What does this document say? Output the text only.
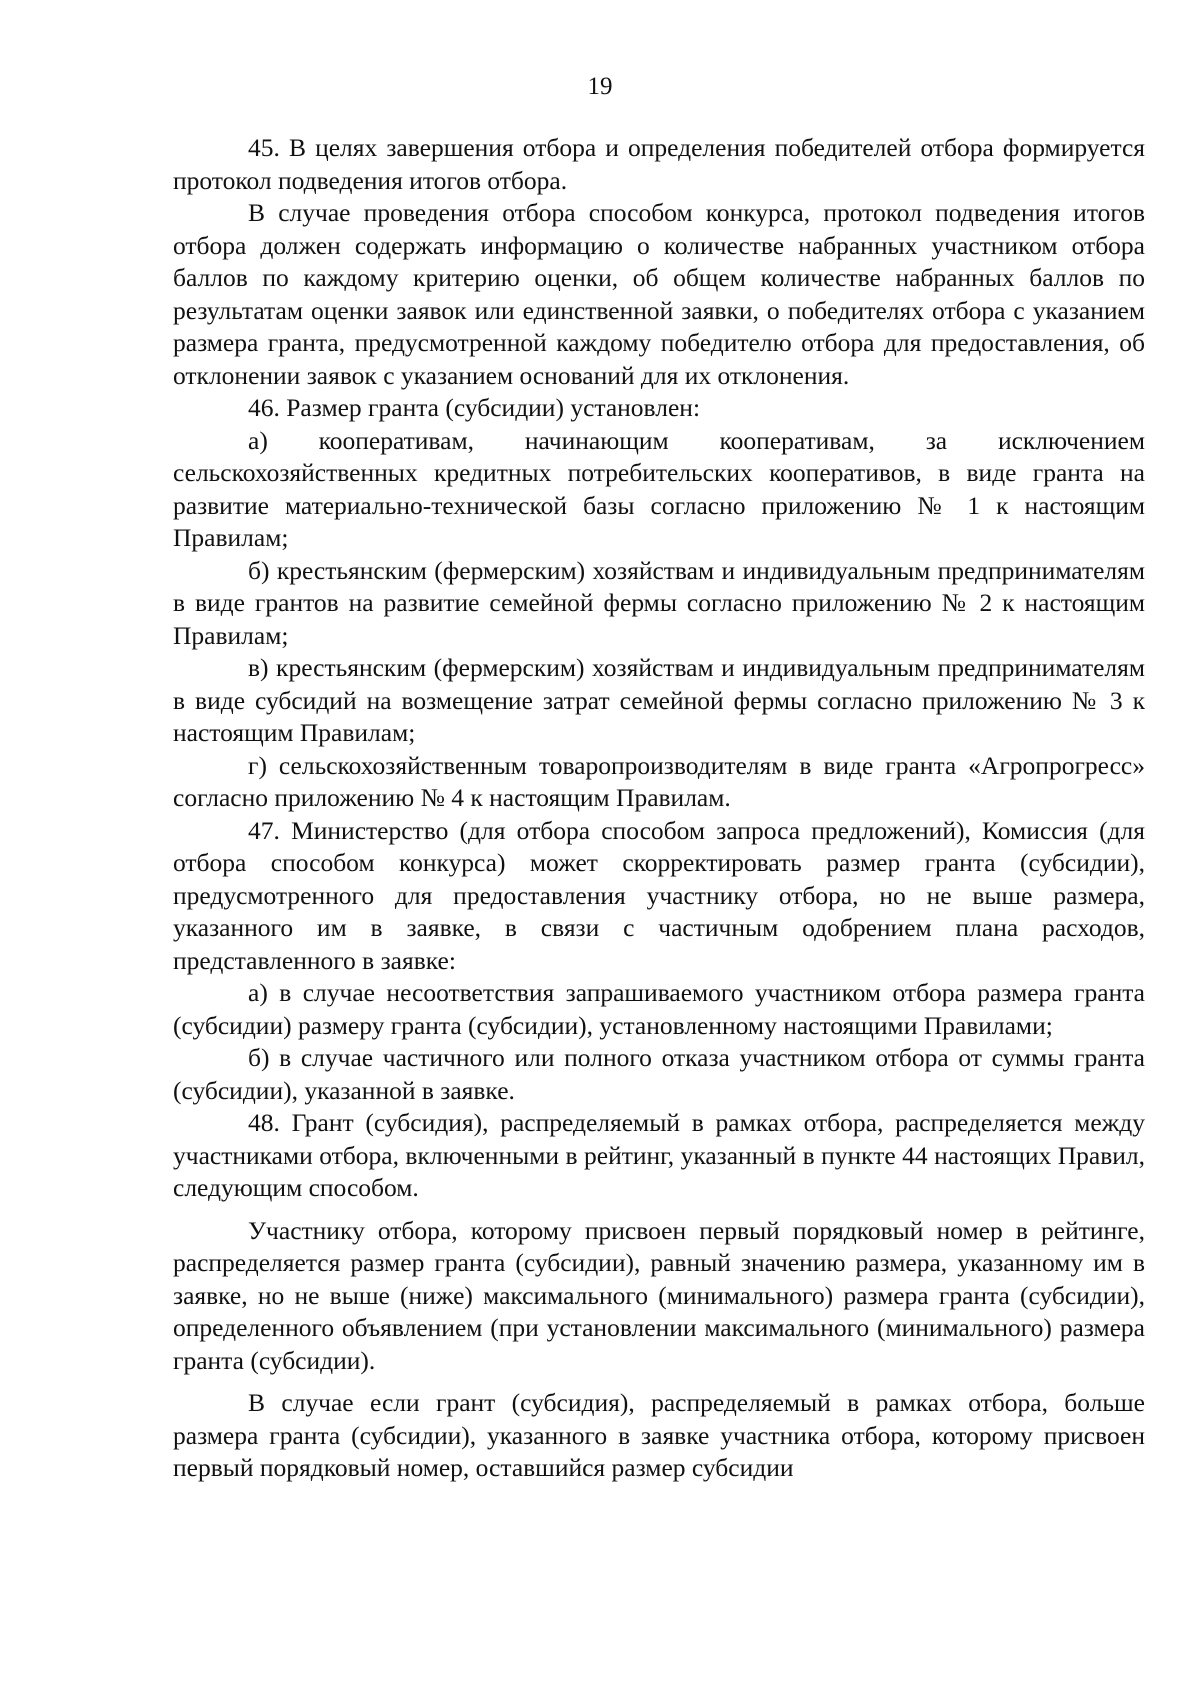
19

45. В целях завершения отбора и определения победителей отбора формируется протокол подведения итогов отбора.

В случае проведения отбора способом конкурса, протокол подведения итогов отбора должен содержать информацию о количестве набранных участником отбора баллов по каждому критерию оценки, об общем количестве набранных баллов по результатам оценки заявок или единственной заявки, о победителях отбора с указанием размера гранта, предусмотренной каждому победителю отбора для предоставления, об отклонении заявок с указанием оснований для их отклонения.

46. Размер гранта (субсидии) установлен:

а) кооперативам, начинающим кооперативам, за исключением сельскохозяйственных кредитных потребительских кооперативов, в виде гранта на развитие материально-технической базы согласно приложению № 1 к настоящим Правилам;

б) крестьянским (фермерским) хозяйствам и индивидуальным предпринимателям в виде грантов на развитие семейной фермы согласно приложению № 2 к настоящим Правилам;

в) крестьянским (фермерским) хозяйствам и индивидуальным предпринимателям в виде субсидий на возмещение затрат семейной фермы согласно приложению № 3 к настоящим Правилам;

г) сельскохозяйственным товаропроизводителям в виде гранта «Агропрогресс» согласно приложению № 4 к настоящим Правилам.

47. Министерство (для отбора способом запроса предложений), Комиссия (для отбора способом конкурса) может скорректировать размер гранта (субсидии), предусмотренного для предоставления участнику отбора, но не выше размера, указанного им в заявке, в связи с частичным одобрением плана расходов, представленного в заявке:

а) в случае несоответствия запрашиваемого участником отбора размера гранта (субсидии) размеру гранта (субсидии), установленному настоящими Правилами;

б) в случае частичного или полного отказа участником отбора от суммы гранта (субсидии), указанной в заявке.

48. Грант (субсидия), распределяемый в рамках отбора, распределяется между участниками отбора, включенными в рейтинг, указанный в пункте 44 настоящих Правил, следующим способом.

Участнику отбора, которому присвоен первый порядковый номер в рейтинге, распределяется размер гранта (субсидии), равный значению размера, указанному им в заявке, но не выше (ниже) максимального (минимального) размера гранта (субсидии), определенного объявлением (при установлении максимального (минимального) размера гранта (субсидии).

В случае если грант (субсидия), распределяемый в рамках отбора, больше размера гранта (субсидии), указанного в заявке участника отбора, которому присвоен первый порядковый номер, оставшийся размер субсидии
